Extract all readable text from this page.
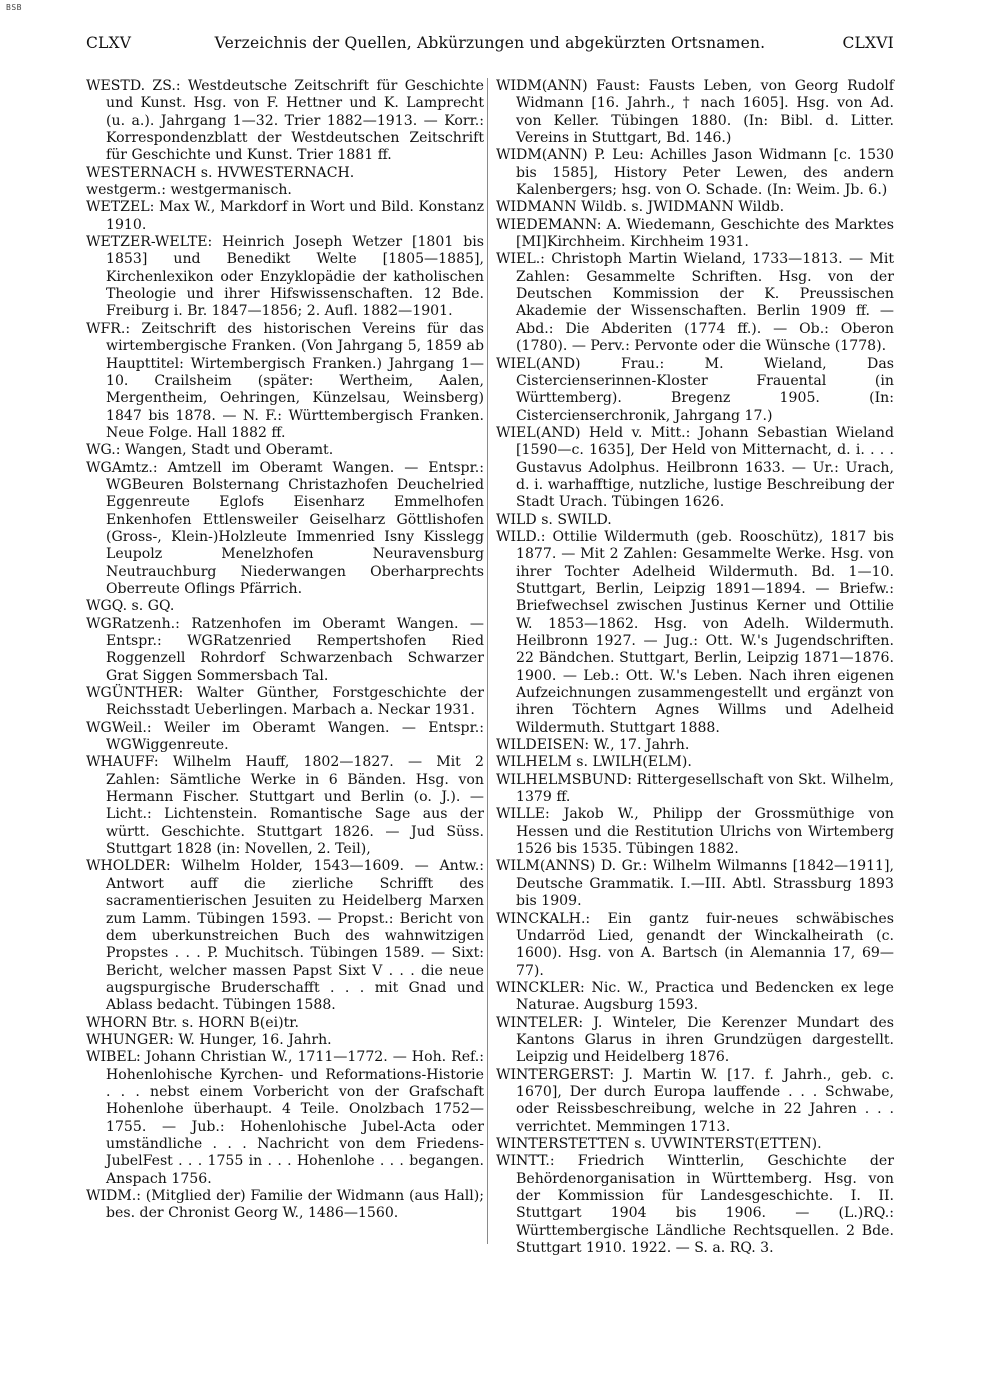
BSB
Verzeichnis der Quellen, Abkürzungen und abgekürzten Ortsnamen.
CLXV	CLXVI

WESTD. ZS.: Westdeutsche Zeitschrift für Geschichte und Kunst. Hsg. von F. Hettner und K. Lamprecht (u. a.). Jahrgang 1—32. Trier 1882—1913. — Korr.: Korrespondenzblatt der Westdeutschen Zeitschrift für Geschichte und Kunst. Trier 1881 ff.

WESTERNACH s. HVWESTERNACH.

westgerm.: westgermanisch.

WETZEL: Max W., Markdorf in Wort und Bild. Konstanz 1910.

WETZER-WELTE: Heinrich Joseph Wetzer [1801 bis 1853] und Benedikt Welte [1805—1885], Kirchenlexikon oder Enzyklopädie der katholischen Theologie und ihrer Hifswissenschaften. 12 Bde. Freiburg i. Br. 1847—1856; 2. Aufl. 1882—1901.

WFR.: Zeitschrift des historischen Vereins für das wirtembergische Franken. (Von Jahrgang 5, 1859 ab Haupttitel: Wirtembergisch Franken.) Jahrgang 1—10. Crailsheim (später: Wertheim, Aalen, Mergentheim, Oehringen, Künzelsau, Weinsberg) 1847 bis 1878. — N. F.: Württembergisch Franken. Neue Folge. Hall 1882 ff.

WG.: Wangen, Stadt und Oberamt.

WGAmtz.: Amtzell im Oberamt Wangen. — Entspr.: WGBeuren Bolsternang Christazhofen Deuchelried Eggenreute Eglofs Eisenharz Emmelhofen Enkenhofen Ettlensweiler Geiselharz Göttlishofen (Gross-, Klein-)Holzleute Immenried Isny Kisslegg Leupolz Menelzhofen Neuravensburg Neutrauchburg Niederwangen Oberharprechts Oberreute Oflings Pfärrich.

WGQ. s. GQ.

WGRatzenh.: Ratzenhofen im Oberamt Wangen. — Entspr.: WGRatzenried Rempertshofen Ried Roggenzell Rohrdorf Schwarzenbach Schwarzer Grat Siggen Sommersbach Tal.

WGÜNTHER: Walter Günther, Forstgeschichte der Reichsstadt Ueberlingen. Marbach a. Neckar 1931.

WGWeil.: Weiler im Oberamt Wangen. — Entspr.: WGWiggenreute.

WHAUFF: Wilhelm Hauff, 1802—1827. — Mit 2 Zahlen: Sämtliche Werke in 6 Bänden. Hsg. von Hermann Fischer. Stuttgart und Berlin (o. J.). — Licht.: Lichtenstein. Romantische Sage aus der württ. Geschichte. Stuttgart 1826. — Jud Süss. Stuttgart 1828 (in: Novellen, 2. Teil),

WHOLDER: Wilhelm Holder, 1543—1609. — Antw.: Antwort auff die zierliche Schrifft des sacramentierischen Jesuiten zu Heidelberg Marxen zum Lamm. Tübingen 1593. — Propst.: Bericht von dem uberkunstreichen Buch des wahnwitzigen Propstes . . . P. Muchitsch. Tübingen 1589. — Sixt: Bericht, welcher massen Papst Sixt V . . . die neue augspurgische Bruderschafft . . . mit Gnad und Ablass bedacht. Tübingen 1588.

WHORN Btr. s. HORN B(ei)tr.

WHUNGER: W. Hunger, 16. Jahrh.

WIBEL: Johann Christian W., 1711—1772. — Hoh. Ref.: Hohenlohische Kyrchen- und Reformations-Historie . . . nebst einem Vorbericht von der Grafschaft Hohenlohe überhaupt. 4 Teile. Onolzbach 1752—1755. — Jub.: Hohenlohische Jubel-Acta oder umständliche . . . Nachricht von dem Friedens-JubelFest . . . 1755 in . . . Hohenlohe . . . begangen. Anspach 1756.

WIDM.: (Mitglied der) Familie der Widmann (aus Hall); bes. der Chronist Georg W., 1486—1560.

WIDM(ANN) Faust: Fausts Leben, von Georg Rudolf Widmann [16. Jahrh., † nach 1605]. Hsg. von Ad. von Keller. Tübingen 1880. (In: Bibl. d. Litter. Vereins in Stuttgart, Bd. 146.)

WIDM(ANN) P. Leu: Achilles Jason Widmann [c. 1530 bis 1585], History Peter Lewen, des andern Kalenbergers; hsg. von O. Schade. (In: Weim. Jb. 6.)

WIDMANN Wildb. s. JWIDMANN Wildb.

WIEDEMANN: A. Wiedemann, Geschichte des Marktes [MI]Kirchheim. Kirchheim 1931.

WIEL.: Christoph Martin Wieland, 1733—1813. — Mit Zahlen: Gesammelte Schriften. Hsg. von der Deutschen Kommission der K. Preussischen Akademie der Wissenschaften. Berlin 1909 ff. — Abd.: Die Abderiten (1774 ff.). — Ob.: Oberon (1780). — Perv.: Pervonte oder die Wünsche (1778).

WIEL(AND) Frau.: M. Wieland, Das Cistercienserinnen-Kloster Frauental (in Württemberg). Bregenz 1905. (In: Cistercienserchronik, Jahrgang 17.)

WIEL(AND) Held v. Mitt.: Johann Sebastian Wieland [1590—c. 1635], Der Held von Mitternacht, d. i. . . . Gustavus Adolphus. Heilbronn 1633. — Ur.: Urach, d. i. warhafftige, nutzliche, lustige Beschreibung der Stadt Urach. Tübingen 1626.

WILD s. SWILD.

WILD.: Ottilie Wildermuth (geb. Rooschütz), 1817 bis 1877. — Mit 2 Zahlen: Gesammelte Werke. Hsg. von ihrer Tochter Adelheid Wildermuth. Bd. 1—10. Stuttgart, Berlin, Leipzig 1891—1894. — Briefw.: Briefwechsel zwischen Justinus Kerner und Ottilie W. 1853—1862. Hsg. von Adelh. Wildermuth. Heilbronn 1927. — Jug.: Ott. W.'s Jugendschriften. 22 Bändchen. Stuttgart, Berlin, Leipzig 1871—1876. 1900. — Leb.: Ott. W.'s Leben. Nach ihren eigenen Aufzeichnungen zusammengestellt und ergänzt von ihren Töchtern Agnes Willms und Adelheid Wildermuth. Stuttgart 1888.

WILDEISEN: W., 17. Jahrh.

WILHELM s. LWILH(ELM).

WILHELMSBUND: Rittergesellschaft von Skt. Wilhelm, 1379 ff.

WILLE: Jakob W., Philipp der Grossmüthige von Hessen und die Restitution Ulrichs von Wirtemberg 1526 bis 1535. Tübingen 1882.

WILM(ANNS) D. Gr.: Wilhelm Wilmanns [1842—1911], Deutsche Grammatik. I.—III. Abtl. Strassburg 1893 bis 1909.

WINCKALH.: Ein gantz fuir-neues schwäbisches Undarröd Lied, genandt der Winckalheirath (c. 1600). Hsg. von A. Bartsch (in Alemannia 17, 69—77).

WINCKLER: Nic. W., Practica und Bedencken ex lege Naturae. Augsburg 1593.

WINTELER: J. Winteler, Die Kerenzer Mundart des Kantons Glarus in ihren Grundzügen dargestellt. Leipzig und Heidelberg 1876.

WINTERGERST: J. Martin W. [17. f. Jahrh., geb. c. 1670], Der durch Europa lauffende . . . Schwabe, oder Reissbeschreibung, welche in 22 Jahren . . . verrichtet. Memmingen 1713.

WINTERSTETTEN s. UVWINTERST(ETTEN).

WINTT.: Friedrich Wintterlin, Geschichte der Behördenorganisation in Württemberg. Hsg. von der Kommission für Landesgeschichte. I. II. Stuttgart 1904 bis 1906. — (L.)RQ.: Württembergische Ländliche Rechtsquellen. 2 Bde. Stuttgart 1910. 1922. — S. a. RQ. 3.
